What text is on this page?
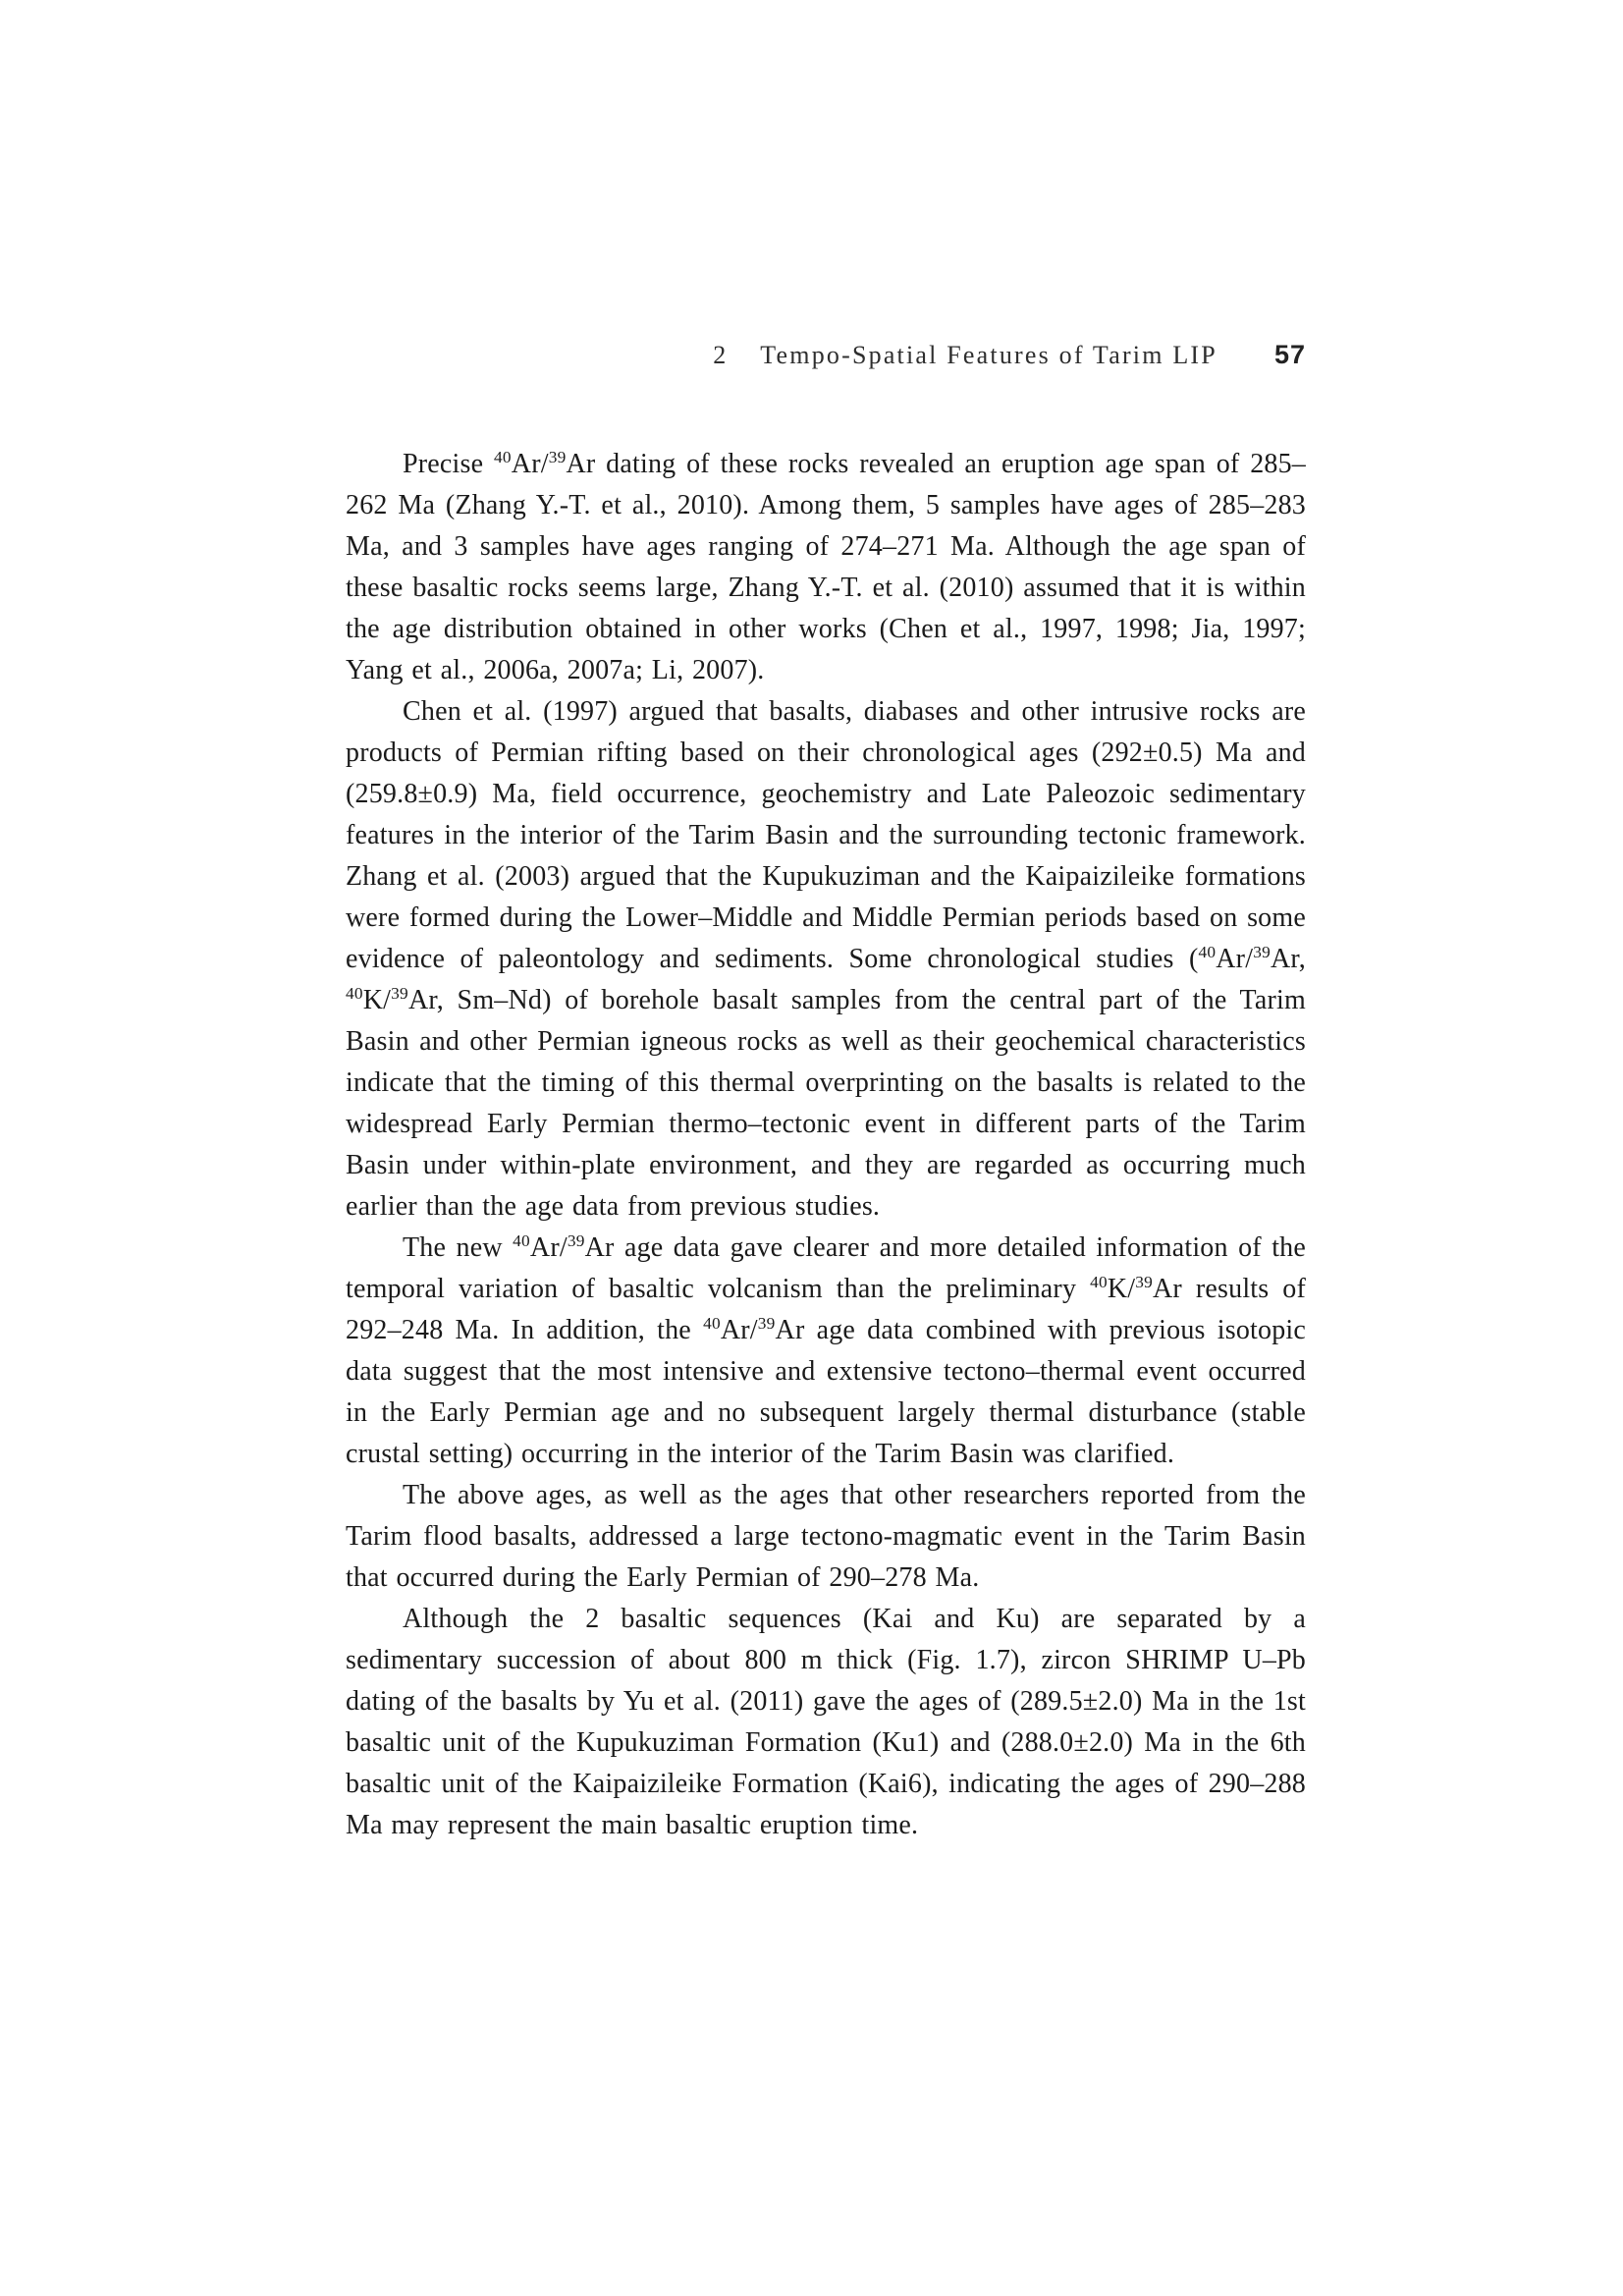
2 Tempo-Spatial Features of Tarim LIP 57

Precise $^{40}$Ar/$^{39}$Ar dating of these rocks revealed an eruption age span of 285–262 Ma (Zhang Y.-T. et al., 2010). Among them, 5 samples have ages of 285–283 Ma, and 3 samples have ages ranging of 274–271 Ma. Although the age span of these basaltic rocks seems large, Zhang Y.-T. et al. (2010) assumed that it is within the age distribution obtained in other works (Chen et al., 1997, 1998; Jia, 1997; Yang et al., 2006a, 2007a; Li, 2007).

Chen et al. (1997) argued that basalts, diabases and other intrusive rocks are products of Permian rifting based on their chronological ages (292±0.5) Ma and (259.8±0.9) Ma, field occurrence, geochemistry and Late Paleozoic sedimentary features in the interior of the Tarim Basin and the surrounding tectonic framework. Zhang et al. (2003) argued that the Kupukuziman and the Kaipaizileike formations were formed during the Lower–Middle and Middle Permian periods based on some evidence of paleontology and sediments. Some chronological studies ($^{40}$Ar/$^{39}$Ar, $^{40}$K/$^{39}$Ar, Sm–Nd) of borehole basalt samples from the central part of the Tarim Basin and other Permian igneous rocks as well as their geochemical characteristics indicate that the timing of this thermal overprinting on the basalts is related to the widespread Early Permian thermo–tectonic event in different parts of the Tarim Basin under within-plate environment, and they are regarded as occurring much earlier than the age data from previous studies.

The new $^{40}$Ar/$^{39}$Ar age data gave clearer and more detailed information of the temporal variation of basaltic volcanism than the preliminary $^{40}$K/$^{39}$Ar results of 292–248 Ma. In addition, the $^{40}$Ar/$^{39}$Ar age data combined with previous isotopic data suggest that the most intensive and extensive tectono–thermal event occurred in the Early Permian age and no subsequent largely thermal disturbance (stable crustal setting) occurring in the interior of the Tarim Basin was clarified.

The above ages, as well as the ages that other researchers reported from the Tarim flood basalts, addressed a large tectono-magmatic event in the Tarim Basin that occurred during the Early Permian of 290–278 Ma.

Although the 2 basaltic sequences (Kai and Ku) are separated by a sedimentary succession of about 800 m thick (Fig. 1.7), zircon SHRIMP U–Pb dating of the basalts by Yu et al. (2011) gave the ages of (289.5±2.0) Ma in the 1st basaltic unit of the Kupukuziman Formation (Ku1) and (288.0±2.0) Ma in the 6th basaltic unit of the Kaipaizileike Formation (Kai6), indicating the ages of 290–288 Ma may represent the main basaltic eruption time.
